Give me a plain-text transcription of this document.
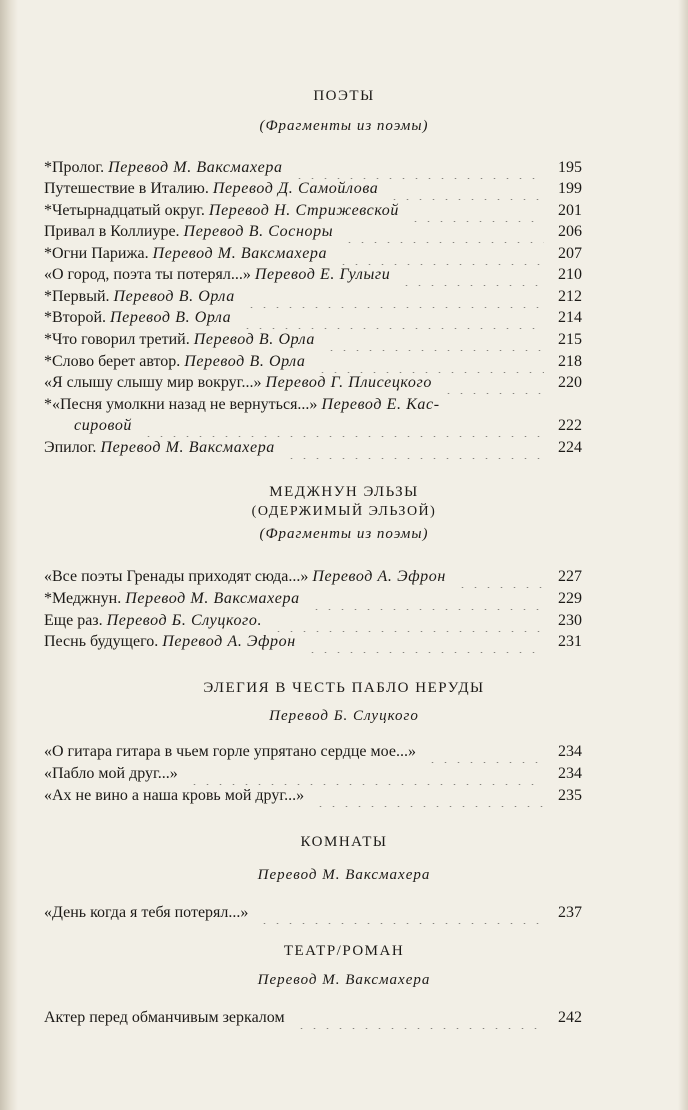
ПОЭТЫ
(Фрагменты из поэмы)
МЕДЖНУН ЭЛЬЗЫ
(ОДЕРЖИМЫЙ ЭЛЬЗОЙ)
(Фрагменты из поэмы)
ЭЛЕГИЯ В ЧЕСТЬ ПАБЛО НЕРУДЫ
Перевод Б. Слуцкого
КОМНАТЫ
Перевод М. Ваксмахера
ТЕАТР/РОМАН
Перевод М. Ваксмахера
*Пролог. Перевод М. Ваксмахера	195
Путешествие в Италию. Перевод Д. Самойлова	199
*Четырнадцатый округ. Перевод Н. Стрижевской	201
Привал в Коллиуре. Перевод В. Сосноры	206
*Огни Парижа. Перевод М. Ваксмахера	207
«О город, поэта ты потерял...» Перевод Е. Гулыги	210
*Первый. Перевод В. Орла	212
*Второй. Перевод В. Орла	214
*Что говорил третий. Перевод В. Орла	215
*Слово берет автор. Перевод В. Орла	218
«Я слышу слышу мир вокруг...» Перевод Г. Плисецкого	220
*«Песня умолкни назад не вернуться...» Перевод Е. Кас-
сировой	222
Эпилог. Перевод М. Ваксмахера	224
«Все поэты Гренады приходят сюда...» Перевод А. Эфрон	227
*Меджнун. Перевод М. Ваксмахера	229
Еще раз. Перевод Б. Слуцкого.	230
Песнь будущего. Перевод А. Эфрон	231
«О гитара гитара в чьем горле упрятано сердце мое...»	234
«Пабло мой друг...»	234
«Ах не вино а наша кровь мой друг...»	235
«День когда я тебя потерял...»	237
Актер перед обманчивым зеркалом	242
